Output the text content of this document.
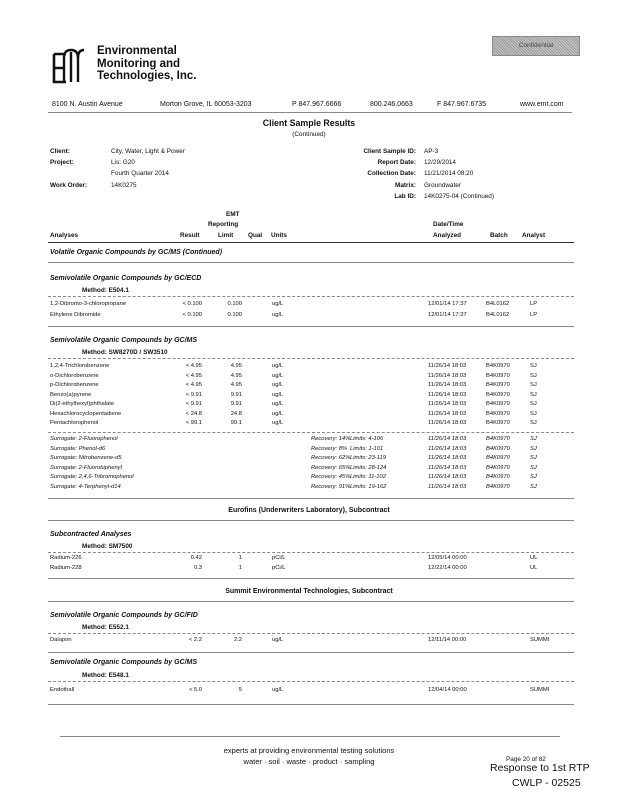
Confidential
Environmental
Monitoring and
Technologies, Inc.
8100 N. Austin Avenue	Morton Grove, IL 60053-3203	P 847.967.6666	800.246.0663	F 847.967.6735	www.emt.com
Client Sample Results
(Continued)
Client:	City, Water, Light & Power
Project:	Lis: G20
Fourth Quarter 2014
Work Order:	14K0275
Client Sample ID: AP-3
Report Date: 12/29/2014
Collection Date: 11/21/2014 08:20
Matrix: Groundwater
Lab ID: 14K0275-04 (Continued)
EMT
Reporting	Date/Time
Analyses	Result	Limit Qual Units	Analyzed	Batch Analyst
Volatile Organic Compounds by GC/MS (Continued)
Semivolatile Organic Compounds by GC/ECD
Method: E504.1
1,2-Dibromo-3-chloropropane	< 0.100	0.100	ug/L	12/01/14 17:37	B4L0162	LP
Ethylene Dibromide	< 0.100	0.100	ug/L	12/01/14 17:37	B4L0162	LP
Semivolatile Organic Compounds by GC/MS
Method: SW8270D / SW3510
1,2,4-Trichlorobenzene	< 4.95	4.95	ug/L	11/26/14 18:03	B4K0970	SJ
o-Dichlorobenzene	< 4.95	4.95	ug/L	11/26/14 18:03	B4K0970	SJ
p-Dichlorobenzene	< 4.95	4.95	ug/L	11/26/14 18:03	B4K0970	SJ
Benzo(a)pyrene	< 9.91	9.91	ug/L	11/26/14 18:03	B4K0970	SJ
Di(2-ethylhexyl)phthalate	< 9.91	9.91	ug/L	11/26/14 18:03	B4K0970	SJ
Hexachlorocyclopentadiene	< 24.8	24.8	ug/L	11/26/14 18:03	B4K0970	SJ
Pentachlorophenol	< 99.1	99.1	ug/L	11/26/14 18:03	B4K0970	SJ
Surrogate: 2-Fluorophenol	Recovery: 14% Limits: 4-106	11/26/14 18:03	B4K0970	SJ
Surrogate: Phenol-d6	Recovery: 8% Limits: 1-101	11/26/14 18:03	B4K0970	SJ
Surrogate: Nitrobenzene-d5	Recovery: 62% Limits: 23-119	11/26/14 18:03	B4K0970	SJ
Surrogate: 2-Fluorobiphenyl	Recovery: 65% Limits: 28-124	11/26/14 18:03	B4K0970	SJ
Surrogate: 2,4,6-Tribromophenol	Recovery: 45% Limits: 11-102	11/26/14 18:03	B4K0970	SJ
Surrogate: 4-Terphenyl-d14	Recovery: 91% Limits: 19-162	11/26/14 18:03	B4K0970	SJ
Eurofins (Underwriters Laboratory), Subcontract
Subcontracted Analyses
Method: SM7500
Radium-226	0.42	1	pCi/L	12/05/14 00:00	UL
Radium-228	0.3	1	pCi/L	12/22/14 00:00	UL
Summit Environmental Technologies, Subcontract
Semivolatile Organic Compounds by GC/FID
Method: E552.1
Dalapon	< 2.2	2.2	ug/L	12/11/14 00:00	SUMMI
Semivolatile Organic Compounds by GC/MS
Method: E548.1
Endothall	< 5.0	5	ug/L	12/04/14 00:00	SUMMI
experts at providing environmental testing solutions
water · soil · waste · product · sampling	Page 20 of 82
Response to 1st RTP
CWLP - 02525
